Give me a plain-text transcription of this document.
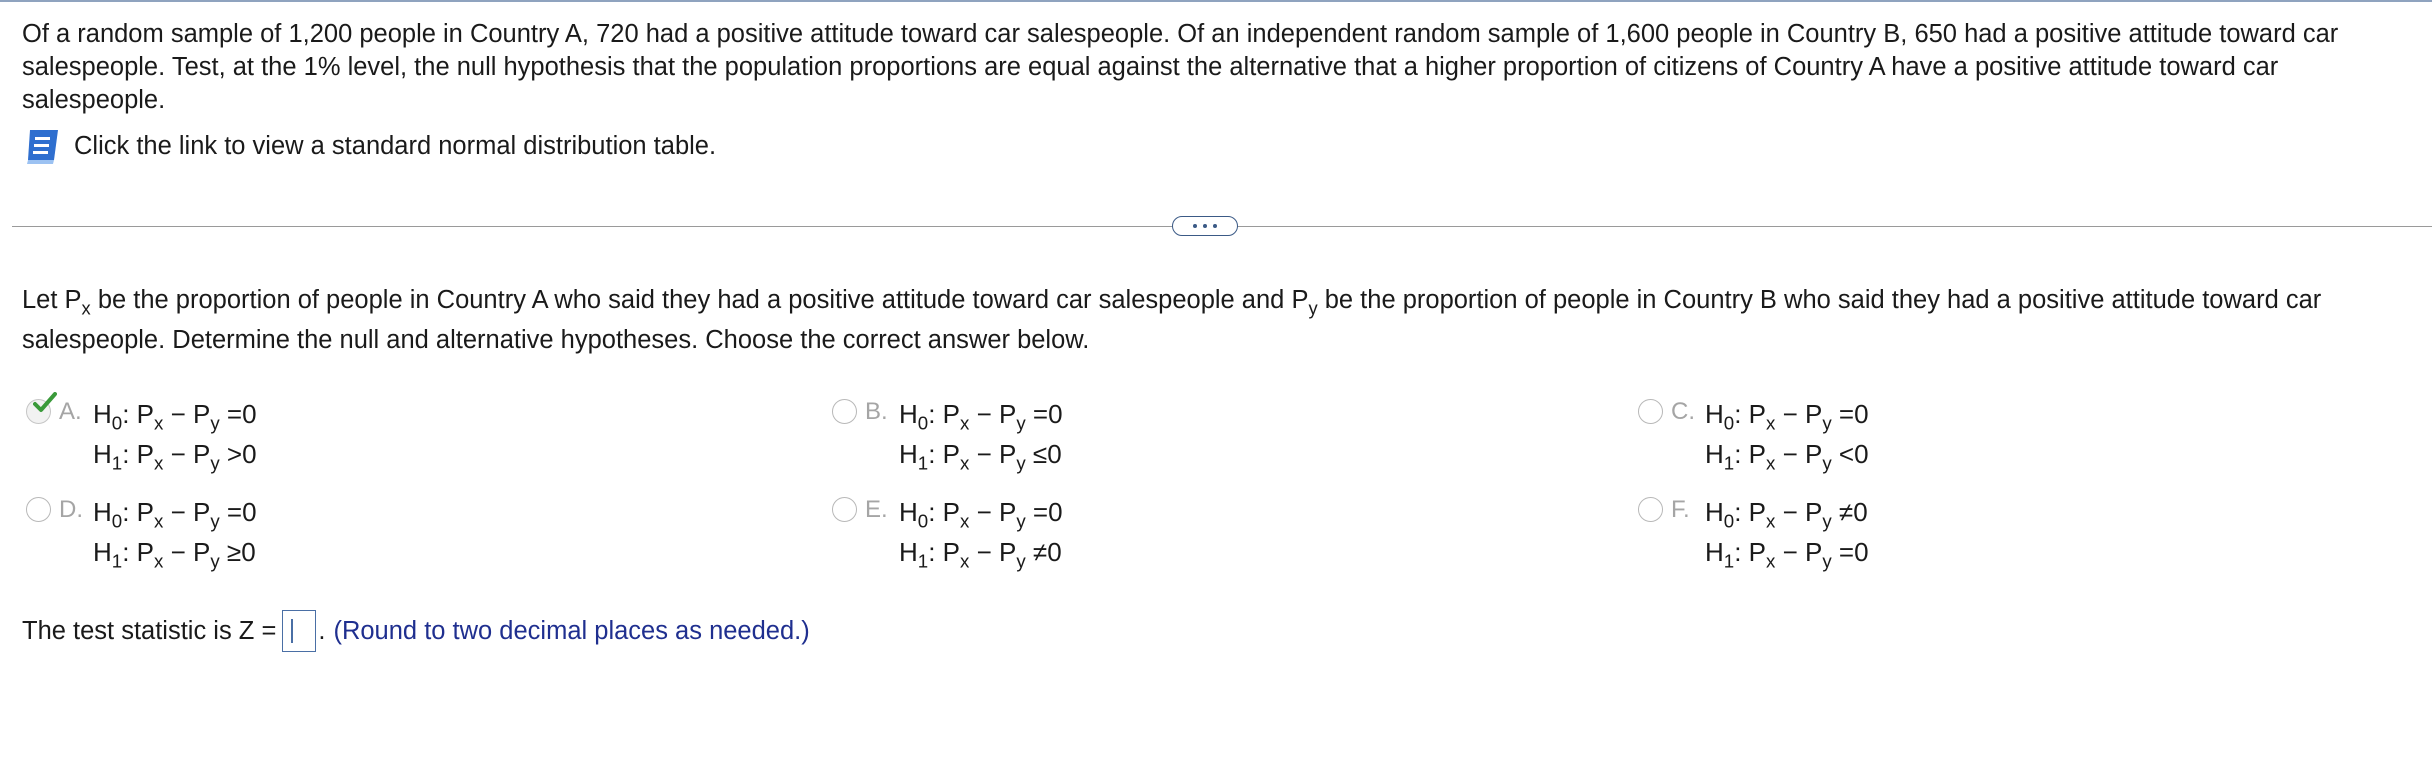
Of a random sample of 1,200 people in Country A, 720 had a positive attitude toward car salespeople. Of an independent random sample of 1,600 people in Country B, 650 had a positive attitude toward car salespeople. Test, at the 1% level, the null hypothesis that the population proportions are equal against the alternative that a higher proportion of citizens of Country A have a positive attitude toward car salespeople.

Click the link to view a standard normal distribution table.

Let $P_x$ be the proportion of people in Country A who said they had a positive attitude toward car salespeople and $P_y$ be the proportion of people in Country B who said they had a positive attitude toward car salespeople. Determine the null and alternative hypotheses. Choose the correct answer below.

A. $H_0$: $P_x - P_y =0$
$H_1$: $P_x - P_y >0$
B. $H_0$: $P_x - P_y =0$
$H_1$: $P_x - P_y \le 0$
C. $H_0$: $P_x - P_y =0$
$H_1$: $P_x - P_y <0$
D. $H_0$: $P_x - P_y =0$
$H_1$: $P_x - P_y \ge 0$
E. $H_0$: $P_x - P_y =0$
$H_1$: $P_x - P_y \ne 0$
F. $H_0$: $P_x - P_y \ne 0$
$H_1$: $P_x - P_y =0$
The test statistic is Z = . (Round to two decimal places as needed.)
